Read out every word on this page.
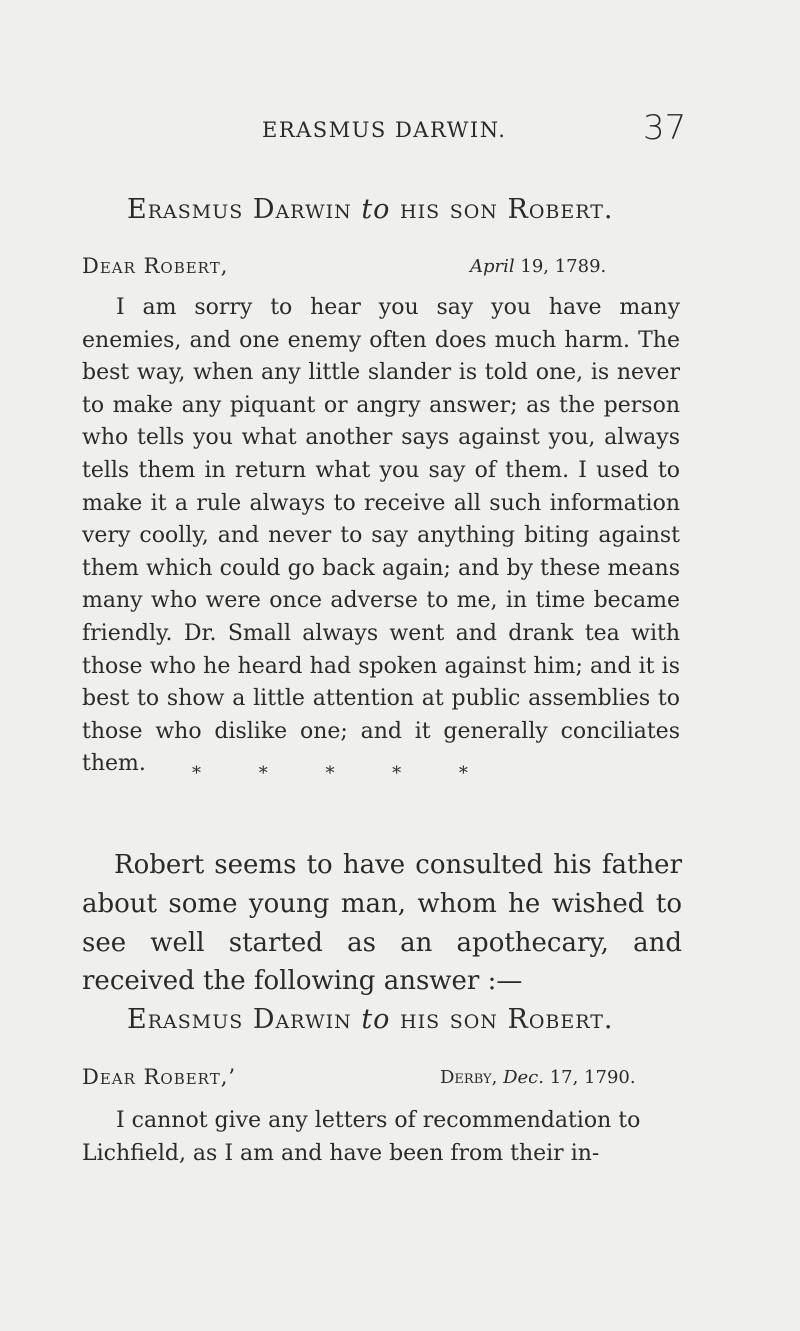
ERASMUS DARWIN.	37
Erasmus Darwin to his son Robert.
Dear Robert,	April 19, 1789.

I am sorry to hear you say you have many enemies, and one enemy often does much harm. The best way, when any little slander is told one, is never to make any piquant or angry answer; as the person who tells you what another says against you, always tells them in return what you say of them. I used to make it a rule always to receive all such information very coolly, and never to say anything biting against them which could go back again; and by these means many who were once adverse to me, in time became friendly. Dr. Small always went and drank tea with those who he heard had spoken against him; and it is best to show a little attention at public assemblies to those who dislike one; and it generally conciliates them.	* * * * *

Robert seems to have consulted his father about some young man, whom he wished to see well started as an apothecary, and received the following answer :—

Erasmus Darwin to his son Robert.
Dear Robert,’	Derby, Dec. 17, 1790.

I cannot give any letters of recommendation to Lichfield, as I am and have been from their in-
